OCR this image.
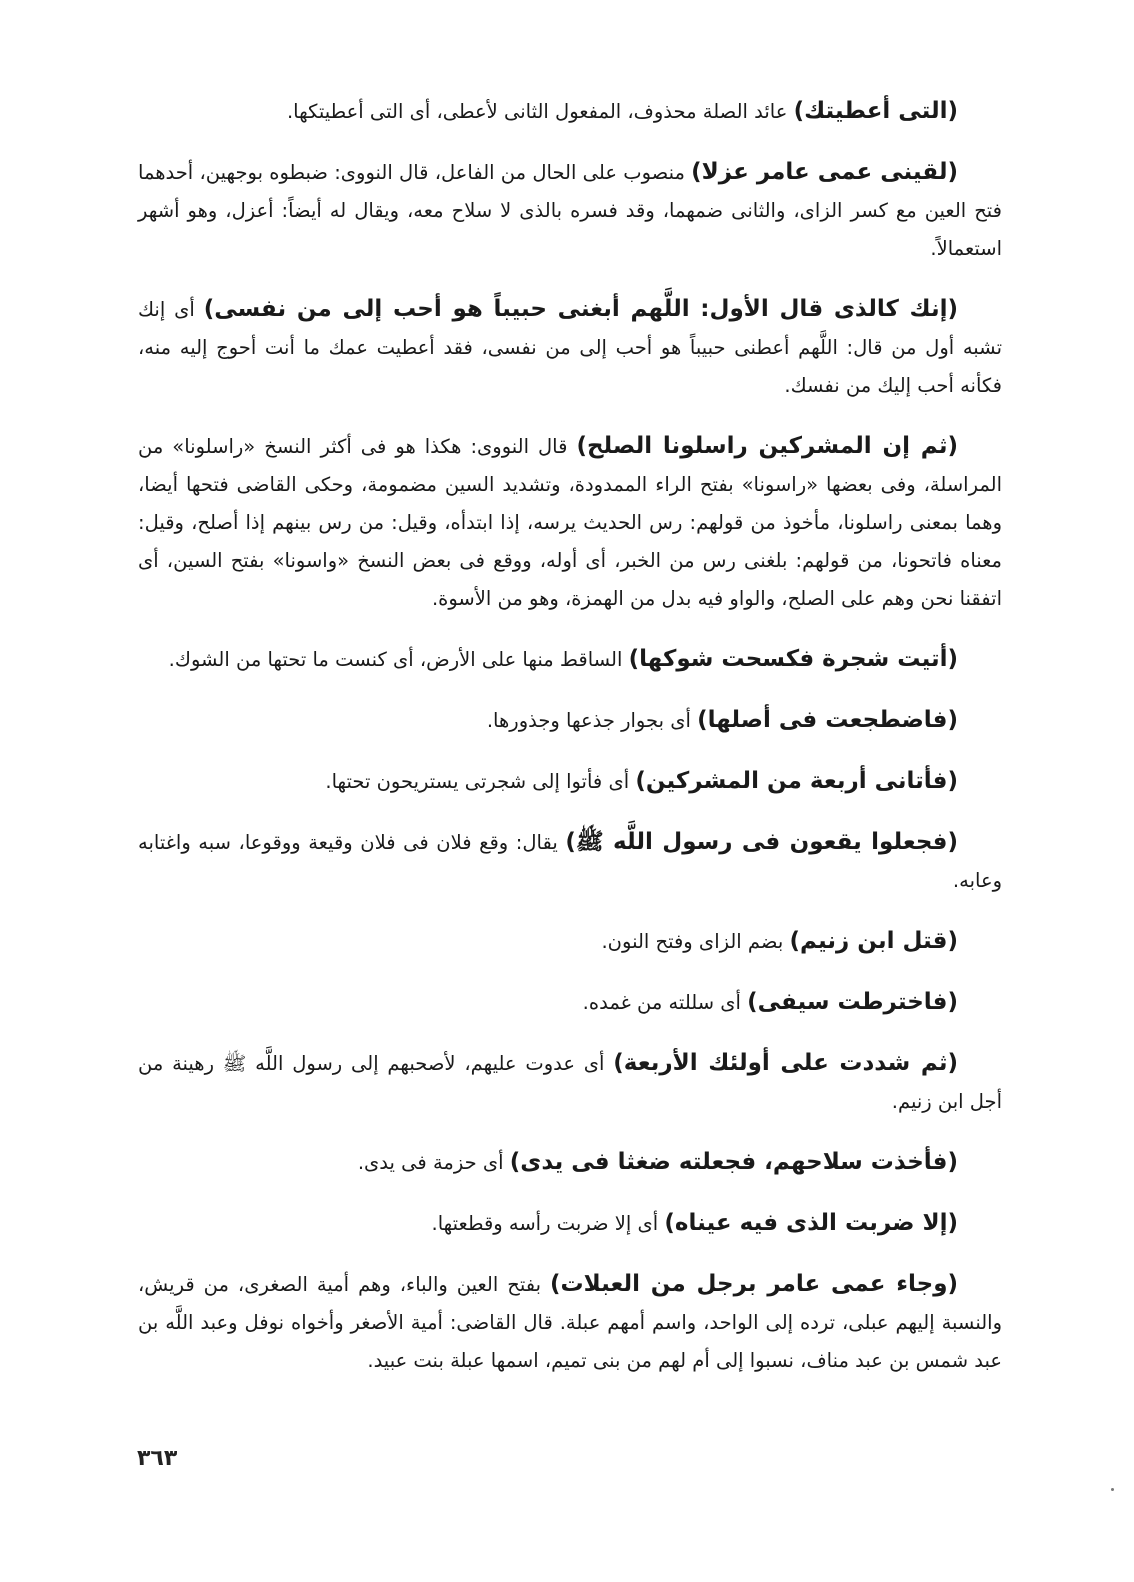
(التى أعطيتك) عائد الصلة محذوف، المفعول الثانى لأعطى، أى التى أعطيتكها.

(لقينى عمى عامر عزلا) منصوب على الحال من الفاعل، قال النووى: ضبطوه بوجهين، أحدهما فتح العين مع كسر الزاى، والثانى ضمهما، وقد فسره بالذى لا سلاح معه، ويقال له أيضاً: أعزل، وهو أشهر استعمالاً.

(إنك كالذى قال الأول: اللَّهم أبغنى حبيباً هو أحب إلى من نفسى) أى إنك تشبه أول من قال: اللَّهم أعطنى حبيباً هو أحب إلى من نفسى، فقد أعطيت عمك ما أنت أحوج إليه منه، فكأنه أحب إليك من نفسك.

(ثم إن المشركين راسلونا الصلح) قال النووى: هكذا هو فى أكثر النسخ «راسلونا» من المراسلة، وفى بعضها «راسونا» بفتح الراء الممدودة، وتشديد السين مضمومة، وحكى القاضى فتحها أيضا، وهما بمعنى راسلونا، مأخوذ من قولهم: رس الحديث يرسه، إذا ابتدأه، وقيل: من رس بينهم إذا أصلح، وقيل: معناه فاتحونا، من قولهم: بلغنى رس من الخبر، أى أوله، ووقع فى بعض النسخ «واسونا» بفتح السين، أى اتفقنا نحن وهم على الصلح، والواو فيه بدل من الهمزة، وهو من الأسوة.

(أتيت شجرة فكسحت شوكها) الساقط منها على الأرض، أى كنست ما تحتها من الشوك.

(فاضطجعت فى أصلها) أى بجوار جذعها وجذورها.

(فأتانى أربعة من المشركين) أى فأتوا إلى شجرتى يستريحون تحتها.

(فجعلوا يقعون فى رسول اللَّه ﷺ) يقال: وقع فلان فى فلان وقيعة ووقوعا، سبه واغتابه وعابه.

(قتل ابن زنيم) بضم الزاى وفتح النون.

(فاخترطت سيفى) أى سللته من غمده.

(ثم شددت على أولئك الأربعة) أى عدوت عليهم، لأصحبهم إلى رسول اللَّه ﷺ رهينة من أجل ابن زنيم.

(فأخذت سلاحهم، فجعلته ضغثا فى يدى) أى حزمة فى يدى.

(إلا ضربت الذى فيه عيناه) أى إلا ضربت رأسه وقطعتها.

(وجاء عمى عامر برجل من العبلات) بفتح العين والباء، وهم أمية الصغرى، من قريش، والنسبة إليهم عبلى، ترده إلى الواحد، واسم أمهم عبلة. قال القاضى: أمية الأصغر وأخواه نوفل وعبد اللَّه بن عبد شمس بن عبد مناف، نسبوا إلى أم لهم من بنى تميم، اسمها عبلة بنت عبيد.

٣٦٣
